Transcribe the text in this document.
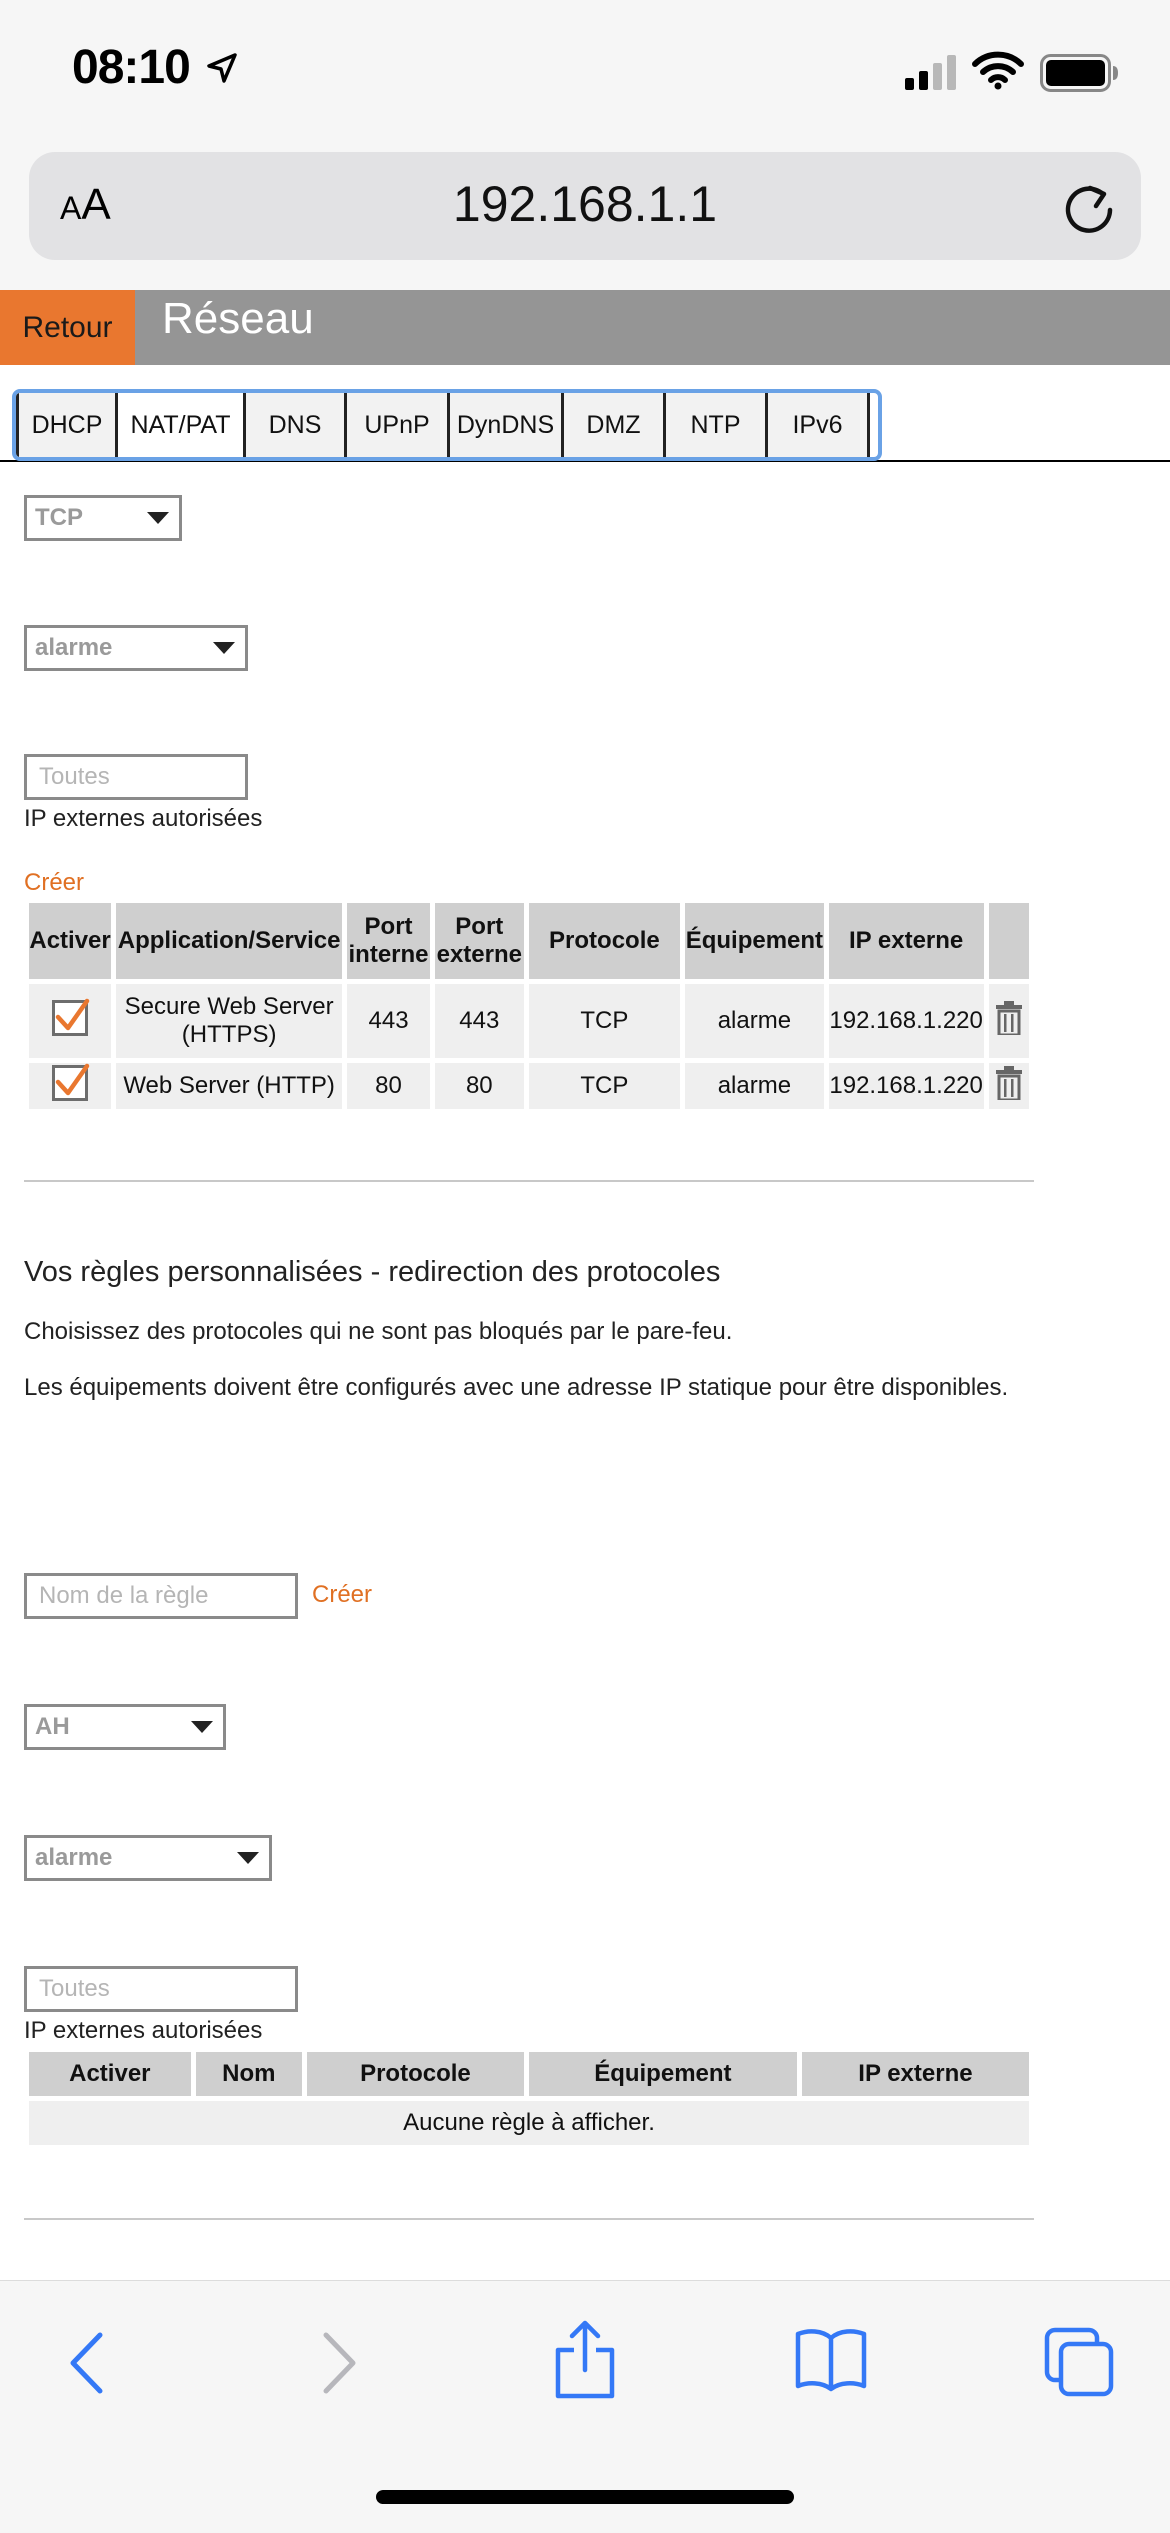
08:10
AA	192.168.1.1
Retour	Réseau
DHCP	NAT/PAT	DNS	UPnP	DynDNS	DMZ	NTP	IPv6
TCP
alarme
Toutes
IP externes autorisées
Créer
Activer	Application/Service	Port interne	Port externe	Protocole	Équipement	IP externe	

	Secure Web Server (HTTPS)	443	443	TCP	alarme	192.168.1.220	

	Web Server (HTTP)	80	80	TCP	alarme	192.168.1.220	
Vos règles personnalisées - redirection des protocoles
Choisissez des protocoles qui ne sont pas bloqués par le pare-feu.
Les équipements doivent être configurés avec une adresse IP statique pour être disponibles.
Nom de la règle	Créer
AH
alarme
Toutes
IP externes autorisées
Activer	Nom	Protocole	Équipement	IP externe
Aucune règle à afficher.
